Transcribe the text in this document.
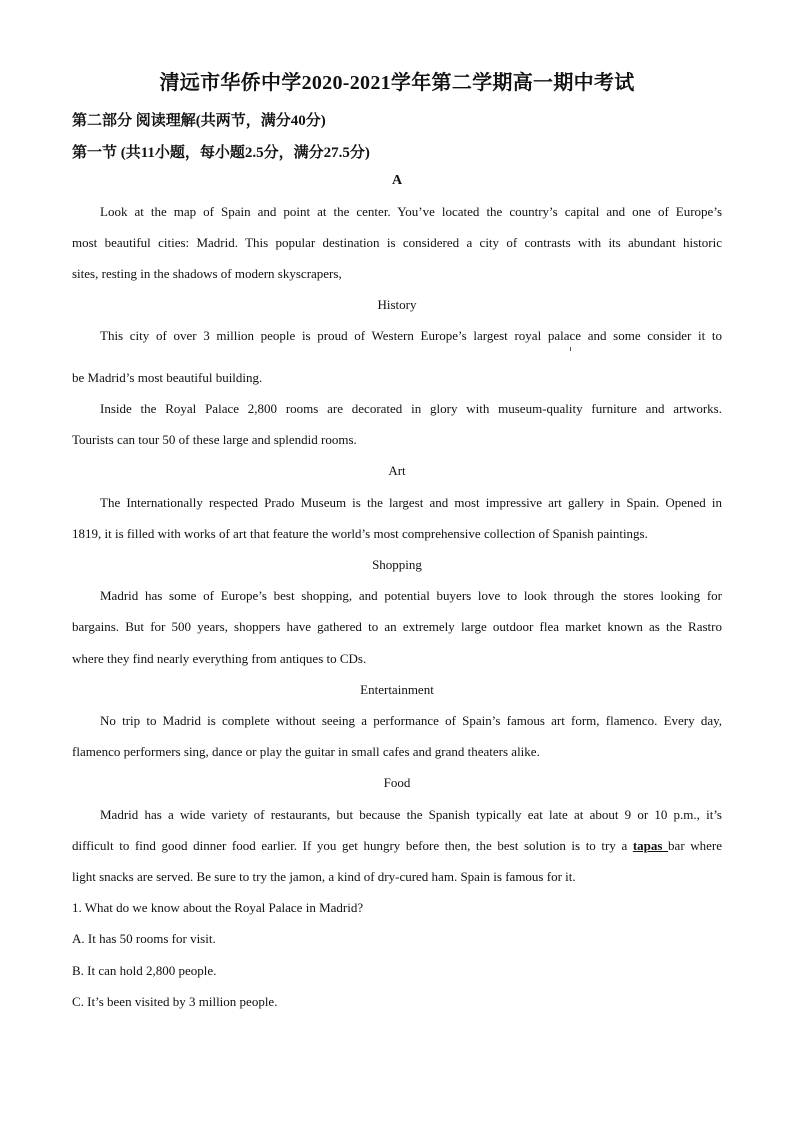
清远市华侨中学2020-2021学年第二学期高一期中考试

第二部分 阅读理解(共两节，满分40分)

第一节 (共11小题，每小题2.5分，满分27.5分)

A

Look at the map of Spain and point at the center. You’ve located the country’s capital and one of Europe’s

most beautiful cities: Madrid. This popular destination is considered a city of contrasts with its abundant historic

sites, resting in the shadows of modern skyscrapers,

History

This city of over 3 million people is proud of Western Europe’s largest royal palace and some consider it to

be Madrid’s most beautiful building.

Inside the Royal Palace 2,800 rooms are decorated in glory with museum-quality furniture and artworks.

Tourists can tour 50 of these large and splendid rooms.

Art

The Internationally respected Prado Museum is the largest and most impressive art gallery in Spain. Opened in

1819, it is filled with works of art that feature the world’s most comprehensive collection of Spanish paintings.

Shopping

Madrid has some of Europe’s best shopping, and potential buyers love to look through the stores looking for

bargains. But for 500 years, shoppers have gathered to an extremely large outdoor flea market known as the Rastro

where they find nearly everything from antiques to CDs.

Entertainment

No trip to Madrid is complete without seeing a performance of Spain’s famous art form, flamenco. Every day,

flamenco performers sing, dance or play the guitar in small cafes and grand theaters alike.

Food

Madrid has a wide variety of restaurants, but because the Spanish typically eat late at about 9 or 10 p.m., it’s

difficult to find good dinner food earlier. If you get hungry before then, the best solution is to try a tapas bar where

light snacks are served. Be sure to try the jamon, a kind of dry-cured ham. Spain is famous for it.

1. What do we know about the Royal Palace in Madrid?

A. It has 50 rooms for visit.

B. It can hold 2,800 people.

C. It’s been visited by 3 million people.
